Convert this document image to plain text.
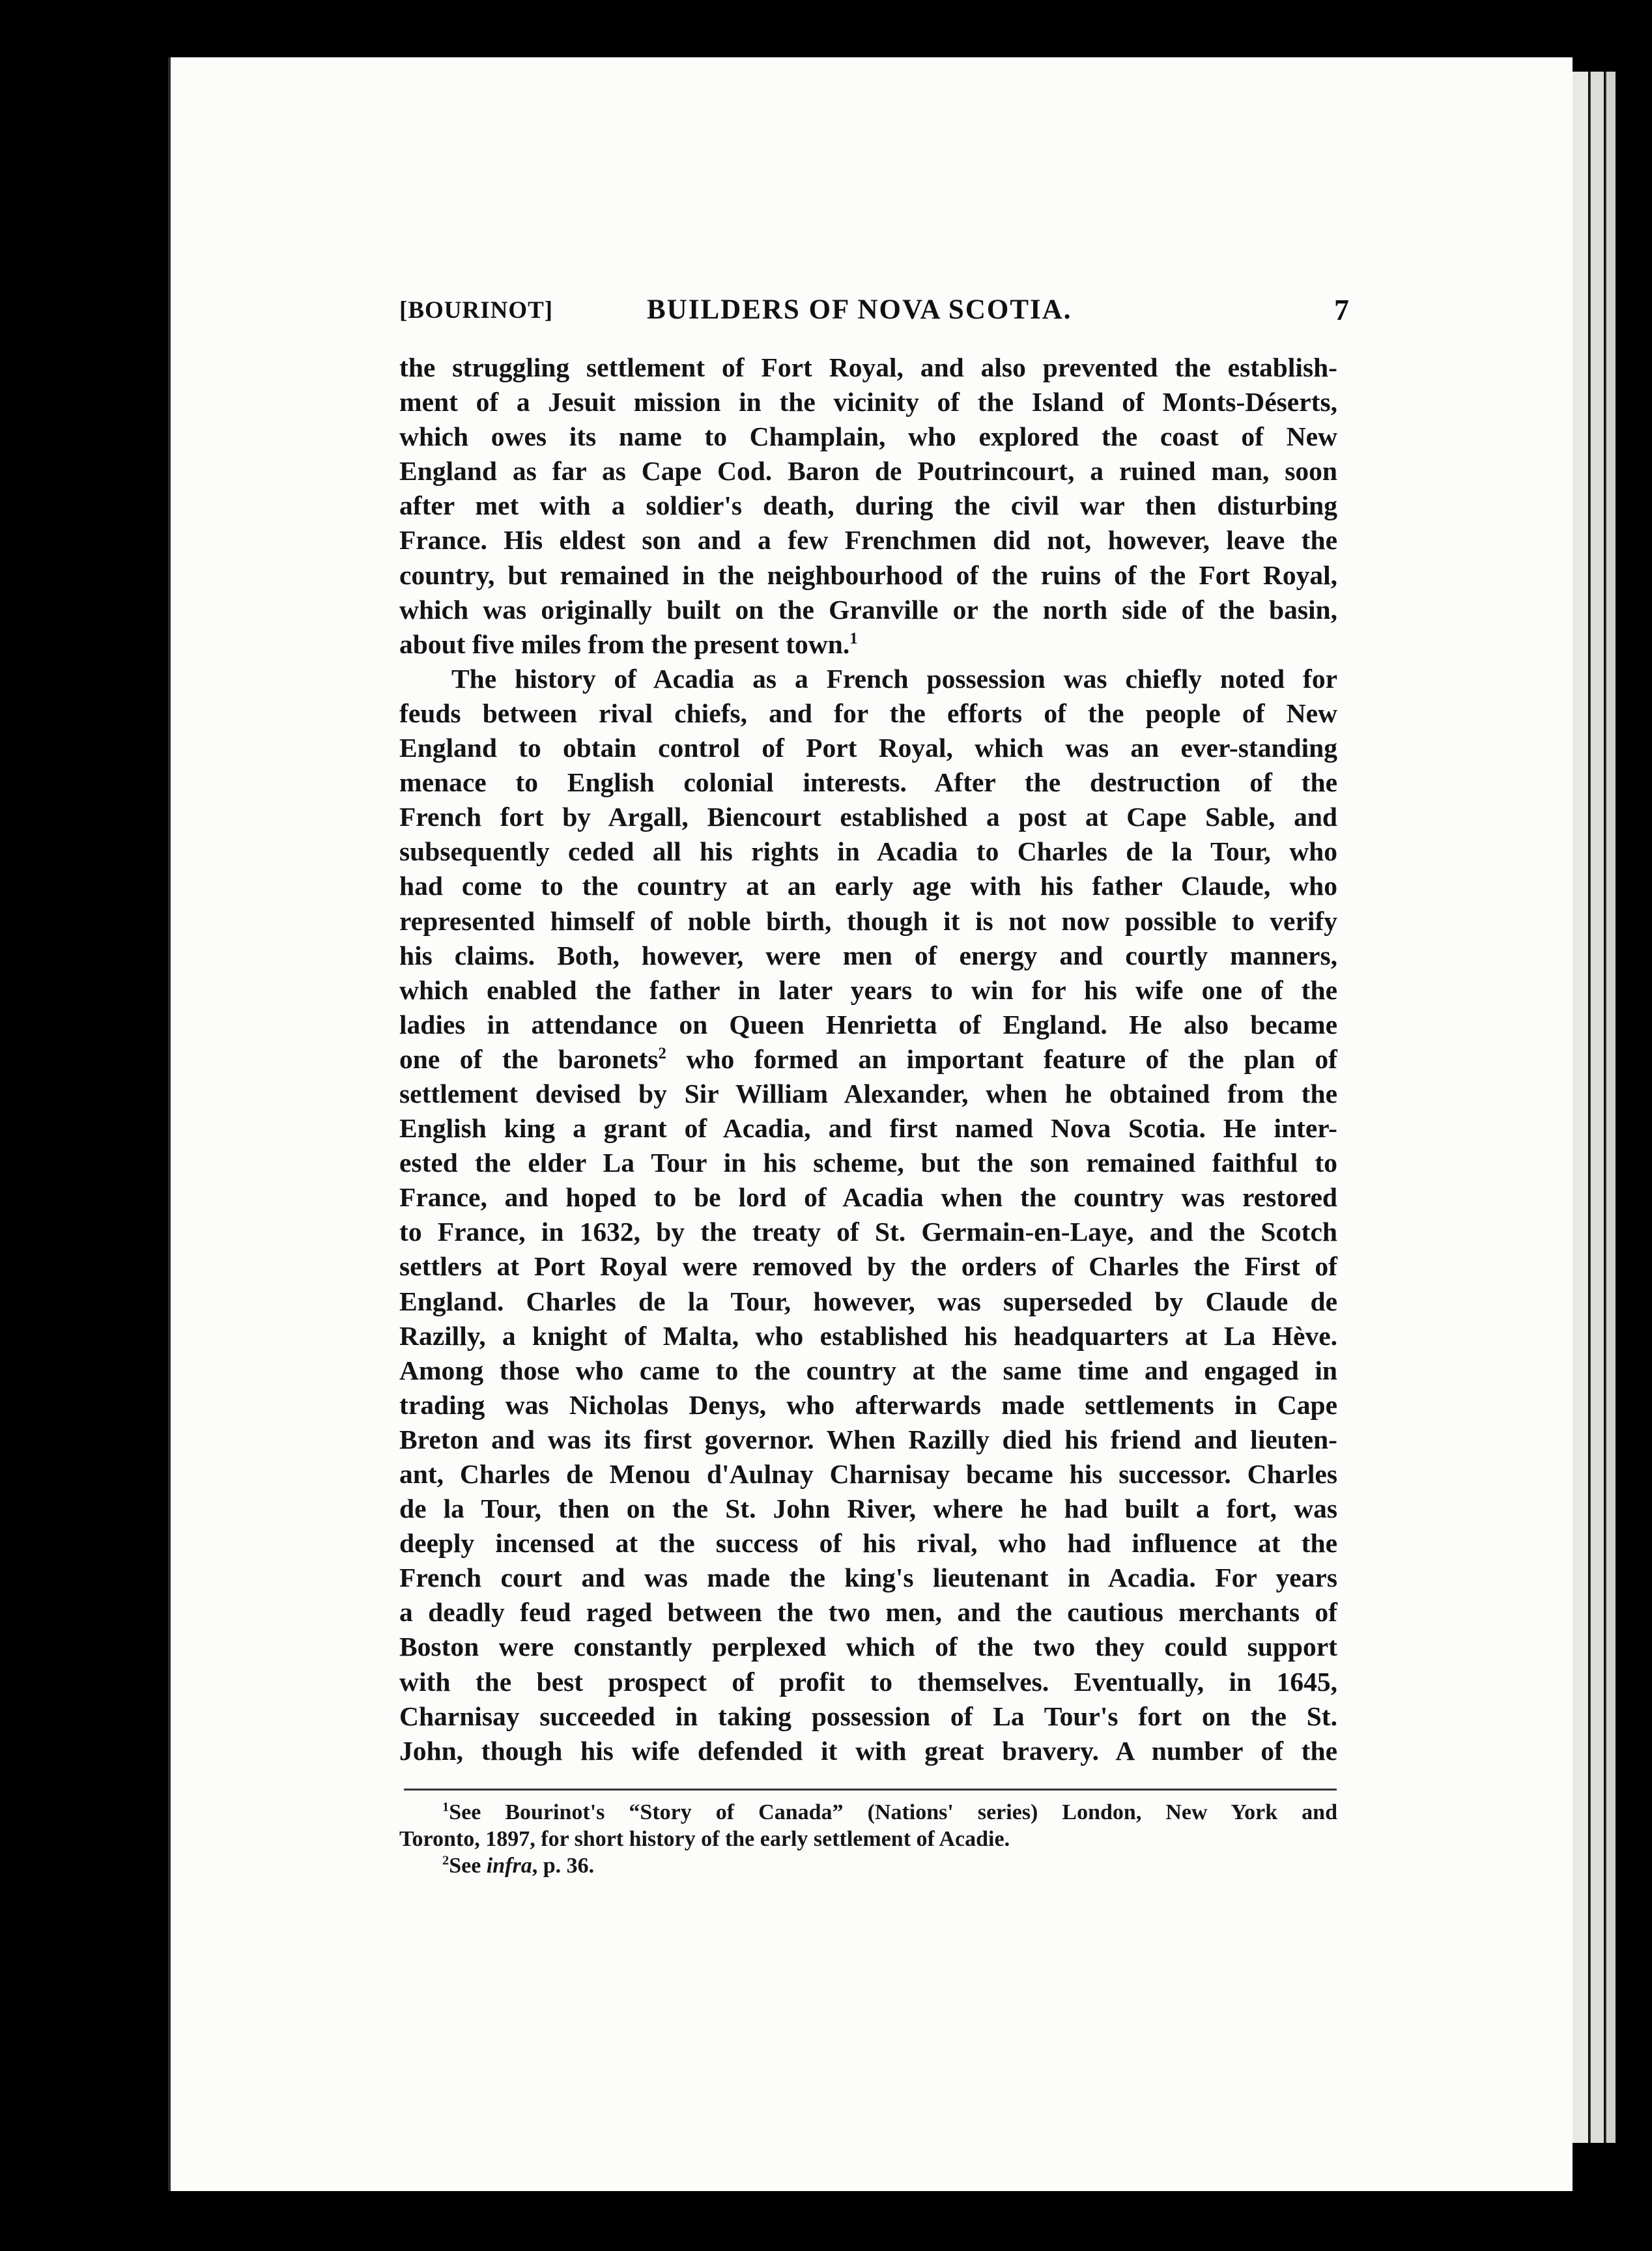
[BOURINOT]	BUILDERS OF NOVA SCOTIA.	7
the struggling settlement of Fort Royal, and also prevented the establish-
ment of a Jesuit mission in the vicinity of the Island of Monts-Déserts,
which owes its name to Champlain, who explored the coast of New
England as far as Cape Cod. Baron de Poutrincourt, a ruined man, soon
after met with a soldier's death, during the civil war then disturbing
France. His eldest son and a few Frenchmen did not, however, leave the
country, but remained in the neighbourhood of the ruins of the Fort Royal,
which was originally built on the Granville or the north side of the basin,
about five miles from the present town.$^1$
The history of Acadia as a French possession was chiefly noted for
feuds between rival chiefs, and for the efforts of the people of New
England to obtain control of Port Royal, which was an ever-standing
menace to English colonial interests. After the destruction of the
French fort by Argall, Biencourt established a post at Cape Sable, and
subsequently ceded all his rights in Acadia to Charles de la Tour, who
had come to the country at an early age with his father Claude, who
represented himself of noble birth, though it is not now possible to verify
his claims. Both, however, were men of energy and courtly manners,
which enabled the father in later years to win for his wife one of the
ladies in attendance on Queen Henrietta of England. He also became
one of the baronets$^2$ who formed an important feature of the plan of
settlement devised by Sir William Alexander, when he obtained from the
English king a grant of Acadia, and first named Nova Scotia. He inter-
ested the elder La Tour in his scheme, but the son remained faithful to
France, and hoped to be lord of Acadia when the country was restored
to France, in 1632, by the treaty of St. Germain-en-Laye, and the Scotch
settlers at Port Royal were removed by the orders of Charles the First of
England. Charles de la Tour, however, was superseded by Claude de
Razilly, a knight of Malta, who established his headquarters at La Hève.
Among those who came to the country at the same time and engaged in
trading was Nicholas Denys, who afterwards made settlements in Cape
Breton and was its first governor. When Razilly died his friend and lieuten-
ant, Charles de Menou d'Aulnay Charnisay became his successor. Charles
de la Tour, then on the St. John River, where he had built a fort, was
deeply incensed at the success of his rival, who had influence at the
French court and was made the king's lieutenant in Acadia. For years
a deadly feud raged between the two men, and the cautious merchants of
Boston were constantly perplexed which of the two they could support
with the best prospect of profit to themselves. Eventually, in 1645,
Charnisay succeeded in taking possession of La Tour's fort on the St.
John, though his wife defended it with great bravery. A number of the
$^1$See Bourinot's “Story of Canada” (Nations' series) London, New York and
Toronto, 1897, for short history of the early settlement of Acadie.
$^2$See infra, p. 36.
